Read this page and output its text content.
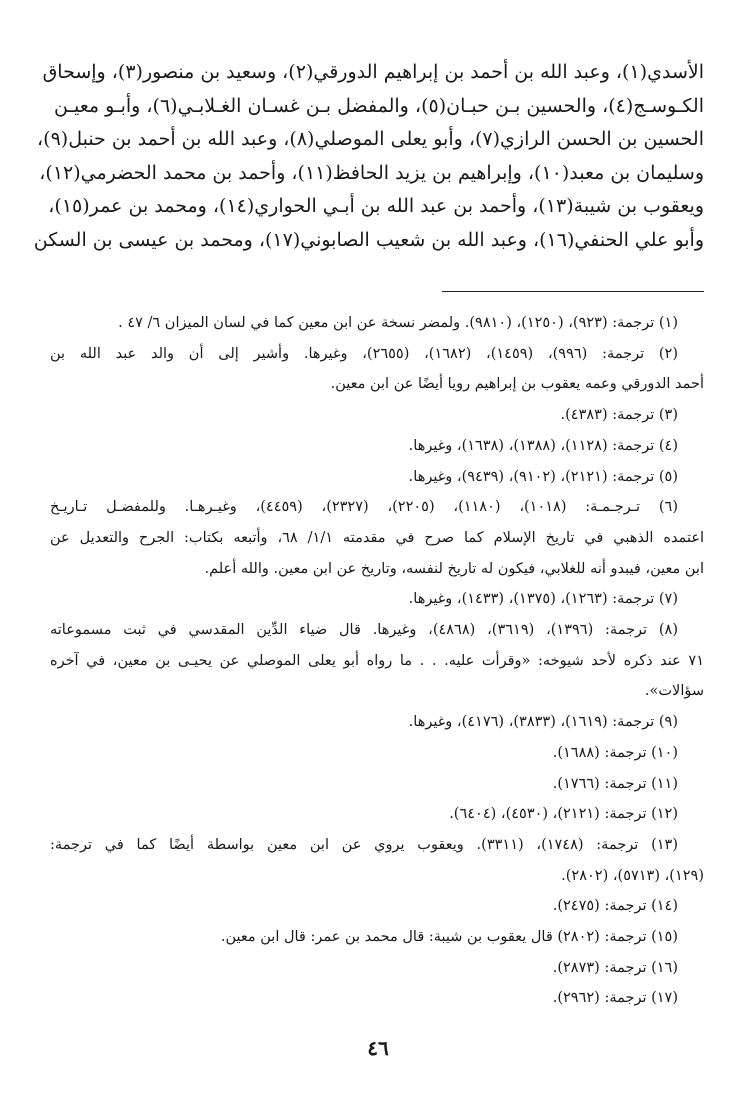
الأسدي(١)، وعبد الله بن أحمد بن إبراهيم الدورقي(٢)، وسعيد بن منصور(٣)، وإسحاق
الكـوسـج(٤)، والحسين بـن حبـان(٥)، والمفضل بـن غسـان الغـلابـي(٦)، وأبـو معيـن
الحسين بن الحسن الرازي(٧)، وأبو يعلى الموصلي(٨)، وعبد الله بن أحمد بن حنبل(٩)،
وسليمان بن معبد(١٠)، وإبراهيم بن يزيد الحافظ(١١)، وأحمد بن محمد الحضرمي(١٢)،
ويعقوب بن شيبة(١٣)، وأحمد بن عبد الله بن أبـي الحواري(١٤)، ومحمد بن عمر(١٥)،
وأبو علي الحنفي(١٦)، وعبد الله بن شعيب الصابوني(١٧)، ومحمد بن عيسى بن السكن
(١) ترجمة: (٩٢٣)، (١٢٥٠)، (٩٨١٠). ولمضر نسخة عن ابن معين كما في لسان الميزان ٦/ ٤٧ .
(٢) ترجمة: (٩٩٦)، (١٤٥٩)، (١٦٨٢)، (٢٦٥٥)، وغيرها. وأشير إلى أن والد عبد الله بن
أحمد الدورقي وعمه يعقوب بن إبراهيم رويا أيضًا عن ابن معين.
(٣) ترجمة: (٤٣٨٣).
(٤) ترجمة: (١١٢٨)، (١٣٨٨)، (١٦٣٨)، وغيرها.
(٥) ترجمة: (٢١٢١)، (٩١٠٢)، (٩٤٣٩)، وغيرها.
(٦) تـرجـمـة: (١٠١٨)، (١١٨٠)، (٢٢٠٥)، (٢٣٢٧)، (٤٤٥٩)، وغيـرهـا. وللمفضـل تـاريـخ
اعتمده الذهبي في تاريخ الإسلام كما صرح في مقدمته ١/١/ ٦٨، وأتبعه بكتاب: الجرح والتعديل عن
ابن معين، فيبدو أنه للغلابي، فيكون له تاريخ لنفسه، وتاريخ عن ابن معين. والله أعلم.
(٧) ترجمة: (١٢٦٣)، (١٣٧٥)، (١٤٣٣)، وغيرها.
(٨) ترجمة: (١٣٩٦)، (٣٦١٩)، (٤٨٦٨)، وغيرها. قال ضياء الدِّين المقدسي في ثبت مسموعاته
٧١ عند ذكره لأحد شيوخه: «وقرأت عليه. . . ما رواه أبو يعلى الموصلي عن يحيـى بن معين، في آخره
سؤالات».
(٩) ترجمة: (١٦١٩)، (٣٨٣٣)، (٤١٧٦)، وغيرها.
(١٠) ترجمة: (١٦٨٨).
(١١) ترجمة: (١٧٦٦).
(١٢) ترجمة: (٢١٢١)، (٤٥٣٠)، (٦٤٠٤).
(١٣) ترجمة: (١٧٤٨)، (٣٣١١). ويعقوب يروي عن ابن معين بواسطة أيضًا كما في ترجمة:
(١٢٩)، (٥٧١٣)، (٢٨٠٢).
(١٤) ترجمة: (٢٤٧٥).
(١٥) ترجمة: (٢٨٠٢) قال يعقوب بن شيبة: قال محمد بن عمر: قال ابن معين.
(١٦) ترجمة: (٢٨٧٣).
(١٧) ترجمة: (٢٩٦٢).
٤٦
